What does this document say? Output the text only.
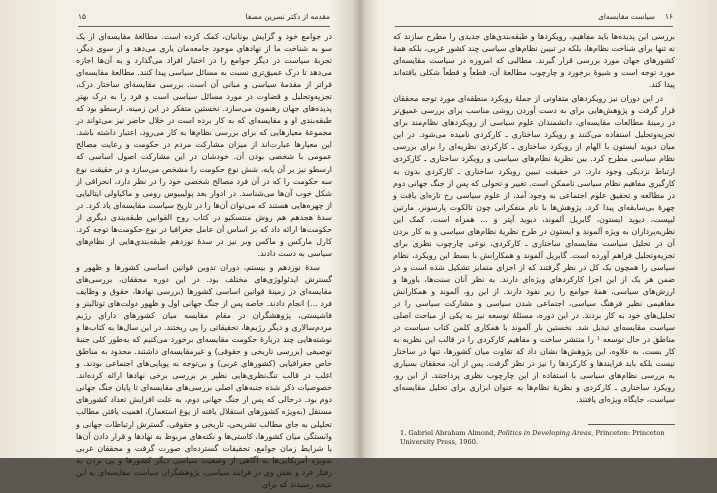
مقدمه از دکتر نسرین مصفا
۱۵

در جوامع خود و گرایش بونانیان، کمک کرده است. مطالعهٔ مقایسه‌ای از یک سو به شناخت ما از نهادهای موجود جامعه‌مان یاری می‌دهد و از سوی دیگر، تجربهٔ سیاست در دیگر جوامع را در اختیار افراد می‌گذارد و به آن‌ها اجازه می‌دهد تا درک عمیق‌تری نسبت به مسائل سیاسی پیدا کنند. مطالعهٔ مقایسه‌ای فراتر از مقدمهٔ سیاسی و مبانی آن است. بررسی مقایسه‌ای ساختار درک، تجزیه‌وتحلیل و قضاوت در مورد مسائل سیاسی است و فرد را به درک بهتر پدیده‌های جهان رهنمون می‌سازد. نخستین متفکر در این زمینه، ارسطو بود که طبقه‌بندی او و مقایسه‌ای که به کار برده است در خلال حاضر نیز می‌تواند در مجموعهٔ معیارهایی که برای بررسی نظام‌ها به کار می‌رود، اعتبار داشته باشد. این معیارها عبارت‌اند از میزان مشارکت مردم در حکومت و رعایت مصالح عمومی با شخصی بودن آن. خودشان در این مشارکت اصول اساسی که ارسطو نیز بر آن پایه، شش نوع حکومت را مشخص می‌سازد و در حقیقت نوع سه حکومت را که در آن فرد مصالح شخصی خود را در نظر دارد، انحرافی از شکل خوب آن‌ها می‌شناسد. در ادوار بعد پولیبیوس رومی و ماکیاولی ایتالیایی از چهره‌هایی هستند که می‌توان آن‌ها را در تاریخ سیاست مقایسه‌ای یاد کرد. در سدهٔ هجدهم هم روش منتسکیو در کتاب روح القوانین طبقه‌بندی دیگری از حکومت‌ها ارائه داد که بر اساس آن عامل جغرافیا در نوع حکومت‌ها توجه کرد. کارل مارکس و ماکس وبر نیز در سدهٔ نوزدهم طبقه‌بندی‌هایی از نظام‌های سیاسی به دست دادند.

سدهٔ نوزدهم و بیستم، دوران تدوین قوانین اساسی کشورها و ظهور و گسترش ایدئولوژی‌های مختلف بود. در این دوره محققان، بررسی‌های مقایسه‌ای در زمینهٔ قوانین اساسی کشورها (بررسی نهادها، حقوق و وظایف فرد ...) انجام دادند. خاصه پس از جنگ جهانی اول و ظهور دولت‌های توتالیتر و فاشیستی، پژوهشگران در مقام مقایسه میان کشورهای دارای رژیم مردم‌سالاری و دیگر رژیم‌ها، تحقیقاتی را پی ریختند. در این سال‌ها به کتاب‌ها و نوشته‌هایی چند دربارهٔ حکومت مقایسه‌ای برخورد می‌کنیم که به‌طور کلی جنبهٔ توصیفی (بررسی تاریخی و حقوقی) و غیرمقایسه‌ای داشتند. محدود به مناطق خاص جغرافیایی (کشورهای غربی) و بی‌توجه به پویایی‌های اجتماعی بودند. و اغلب در قالب تنگ‌نظری‌هایی نظیر بر بررسی برخی نهادها ارائه کرده‌اند. خصوصیات ذکر شده جنبه‌های اصلی بررسی‌های مقایسه‌ای تا پایان جنگ جهانی دوم بود. درحالی که پس از جنگ جهانی دوم، به علت افزایش تعداد کشورهای مستقل (به‌ویژه کشورهای استقلال یافته از یوغ استعمار)، اهمیت یافتن مطالب تحلیلی به جای مطالب تشریحی، تاریخی و حقوقی، گسترش ارتباطات جهانی و وابستگی میان کشورها، کاستی‌ها و نکته‌های مربوط به نهادها و قرار دادن آن‌ها با شرایط زمان جوامع، تحقیقات گسترده‌ای صورت گرفت و محققان غربی به‌ویژه آمریکایی‌ها به آگاهی از وضعیت سیاسی دیگر کشورها و پی بردن به رفتار فرد و نقش وی در فرایند سیاسی، پژوهشگران سیاست مقایسه‌ای به این نتیجه رسیدند که برای

۱۶
سیاست مقایسه‌ای

بررسی این پدیده‌ها باید مفاهیم، رویکردها و طبقه‌بندی‌های جدیدی را مطرح سازند که نه تنها برای شناخت نظام‌ها، بلکه در تبیین نظام‌های سیاسی چند کشور غربی، بلکه همهٔ کشورهای جهان مورد بررسی قرار گیرند. مطالبی که امروزه در سیاست مقایسه‌ای مورد توجه است و شیوهٔ برخورد و چارچوب مطالعهٔ آن، قطعاً و قطعاً شکلی یافته‌اند پیدا کند.

در این دوران نیز رویکردهای متفاوتی از جملهٔ رویکرد منطقه‌ای مورد توجه محققان قرار گرفت و پژوهش‌هایی برای به دست آوردن روشی مناسب برای بررسی عمیق‌تر در زمینهٔ مطالعات مقایسه‌ای، دانشمندان علوم سیاسی از رویکردهای نظام‌مند برای تجزیه‌وتحلیل استفاده می‌کنند و رویکرد ساختاری ـ کارکردی نامیده می‌شود. در این میان دیوید ایستون با الهام از رویکرد ساختاری ـ کارکردی نظریه‌ای را برای بررسی نظام سیاسی مطرح کرد. بین نظریهٔ نظام‌های سیاسی و رویکرد ساختاری ـ کارکردی ارتباط نزدیکی وجود دارد. در حقیقت تبیین رویکرد ساختاری ـ کارکردی بدون به کارگیری مفاهیم نظام سیاسی ناممکن است. تغییر و تحولی که پس از جنگ جهانی دوم در مطالعه و تحقیق علوم اجتماعی به وجود آمد، از علوم سیاسی رخ تازه‌ای یافت و چهرهٔ بی‌سابقه‌ای پیدا کرد. پژوهش‌ها با نام متفکرانی چون تالکوت پارسونز، مارتین لیپست، دیوید ایستون، گابریل آلموند، دیوید آپتر و ... همراه است. کمک این نظریه‌پردازان به ویژه آلموند و ایستون در طرح نظریهٔ نظام‌های سیاسی و به کار بردن آن در تحلیل سیاست مقایسه‌ای ساختاری ـ کارکردی، نوعی چارچوب نظری برای تجزیه‌وتحلیل فراهم آورده است. گابریل آلموند و همکارانش با بسط این رویکرد، نظام سیاسی را همچون یک کل در نظر گرفتند که از اجزای متمایز تشکیل شده است و در ضمن هر یک از این اجزا کارکردهای ویژه‌ای دارند. به نظر آنان سنت‌ها، باورها و ارزش‌های سیاسی، همهٔ جوامع را زیر نفوذ دارند. از این رو، آلموند و همکارانش مفاهیمی نظیر فرهنگ سیاسی، اجتماعی شدن سیاسی و مشارکت سیاسی را در تحلیل‌های خود به کار بردند. در این دوره، مسئلهٔ توسعه نیز به یکی از مباحث اصلی سیاست مقایسه‌ای تبدیل شد. نخستین بار آلموند با همکاری کلمن کتاب سیاست در مناطق در حال توسعه ¹ را منتشر ساخت و مفاهیم کارکردی را در قالب این نظریه به کار بست. به علاوه، این پژوهش‌ها نشان داد که تفاوت میان کشورها، تنها در ساختار نیست بلکه باید فرایندها و کارکردها را نیز در نظر گرفت. پس از آن، محققان بسیاری به بررسی نظام‌های سیاسی با استفاده از این چارچوب نظری پرداختند. از این رو، رویکرد ساختاری ـ کارکردی و نظریهٔ نظام‌ها به عنوان ابزاری برای تحلیل مقایسه‌ای سیاست، جایگاه ویژه‌ای یافتند.

1. Gabriel Abraham Almond, Politics in Developing Areas, Princeton: Princeton University Press, 1960.
